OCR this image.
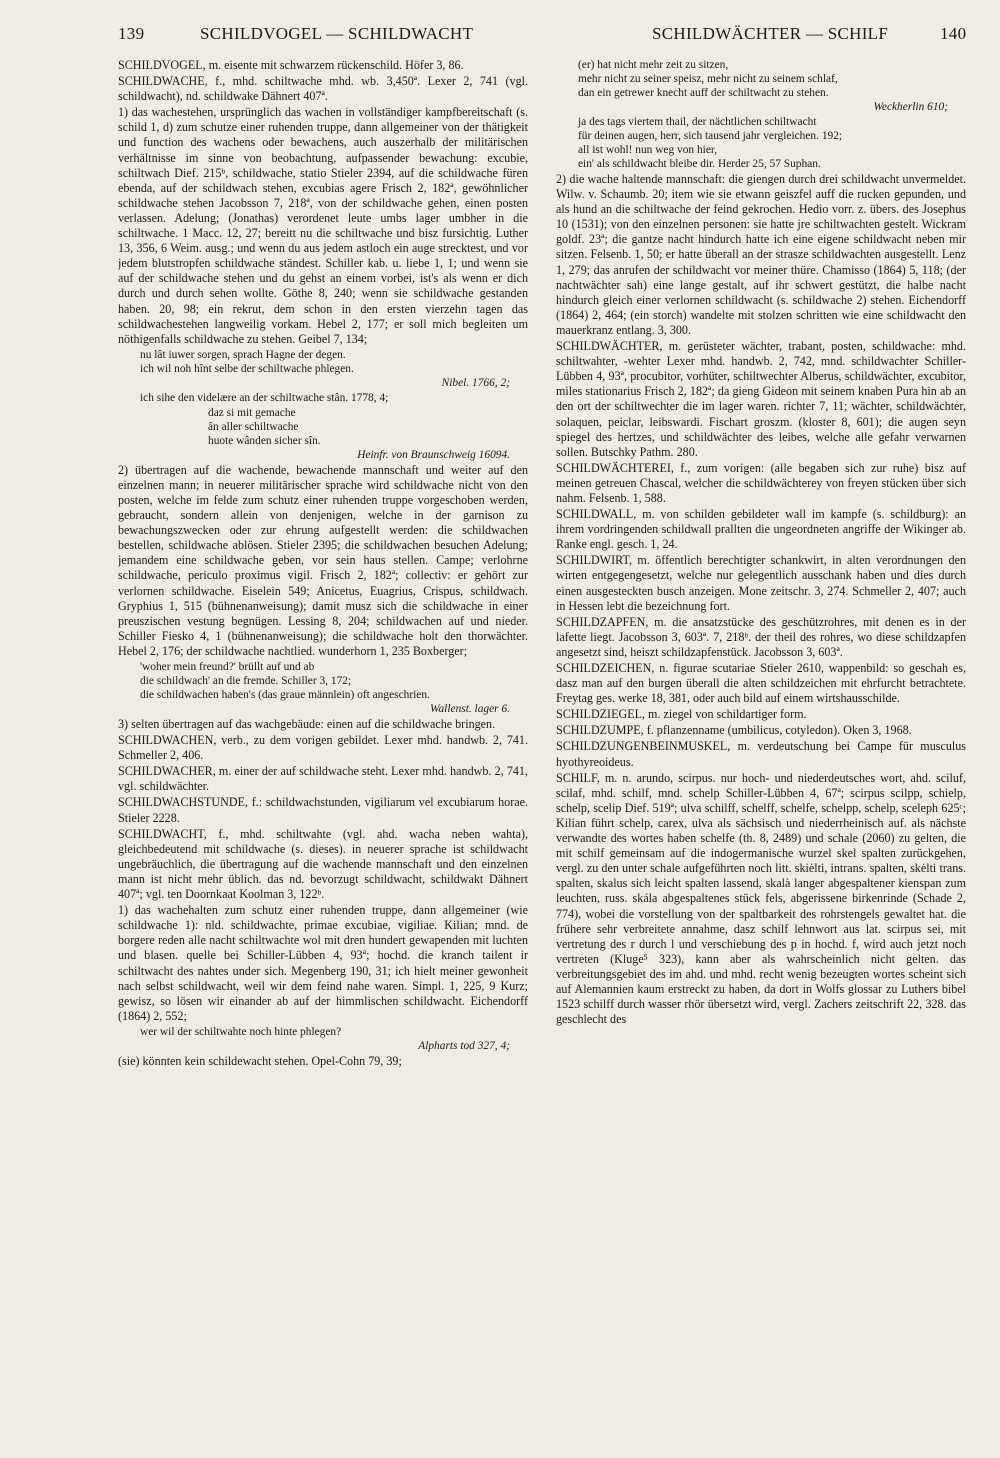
139	SCHILDVOGEL — SCHILDWACHT	SCHILDWÄCHTER — SCHILF	140

SCHILDVOGEL, m. eisente mit schwarzem rückenschild. Höfer 3, 86.

SCHILDWACHE, f., mhd. schiltwache mhd. wb. 3,450ª. Lexer 2, 741 (vgl. schildwacht), nd. schildwake Dähnert 407ª.

1) das wachestehen, ursprünglich das wachen in vollständiger kampfbereitschaft (s. schild 1, d) zum schutze einer ruhenden truppe, dann allgemeiner von der thätigkeit und function des wachens oder bewachens, auch auszerhalb der militärischen verhältnisse im sinne von beobachtung, aufpassender bewachung: excubie, schiltwach Dief. 215ᵇ, schildwache, statio Stieler 2394, auf die schildwache füren ebenda, auf der schildwach stehen, excubias agere Frisch 2, 182ª, gewöhnlicher schildwache stehen Jacobsson 7, 218ª, von der schildwache gehen, einen posten verlassen. Adelung; (Jonathas) verordenet leute umbs lager umbher in die schiltwache. 1 Macc. 12, 27; bereitt nu die schiltwache und bisz fursichtig. Luther 13, 356, 6 Weim. ausg.; und wenn du aus jedem astloch ein auge strecktest, und vor jedem blutstropfen schildwache ständest. Schiller kab. u. liebe 1, 1; und wenn sie auf der schildwache stehen und du gehst an einem vorbei, ist's als wenn er dich durch und durch sehen wollte. Göthe 8, 240; wenn sie schildwache gestanden haben. 20, 98; ein rekrut, dem schon in den ersten vierzehn tagen das schildwachestehen langweilig vorkam. Hebel 2, 177; er soll mich begleiten um nöthigenfalls schildwache zu stehen. Geibel 7, 134;

nu lât iuwer sorgen, sprach Hagne der degen.
ich wil noh hînt selbe der schiltwache phlegen.
Nibel. 1766, 2;
ich sihe den videlære an der schiltwache stân. 1778, 4;
daz si mit gemache
ân aller schiltwache
huote wânden sicher sîn.
Heinfr. von Braunschweig 16094.

2) übertragen auf die wachende, bewachende mannschaft und weiter auf den einzelnen mann; in neuerer militärischer sprache wird schildwache nicht von den posten, welche im felde zum schutz einer ruhenden truppe vorgeschoben werden, gebraucht, sondern allein von denjenigen, welche in der garnison zu bewachungszwecken oder zur ehrung aufgestellt werden: die schildwachen bestellen, schildwache ablösen. Stieler 2395; die schildwachen besuchen Adelung; jemandem eine schildwache geben, vor sein haus stellen. Campe; verlohrne schildwache, periculo proximus vigil. Frisch 2, 182ª; collectiv: er gehört zur verlornen schildwache. Eiselein 549; Anicetus, Euagrius, Crispus, schildwach. Gryphius 1, 515 (bühnenanweisung); damit musz sich die schildwache in einer preuszischen vestung begnügen. Lessing 8, 204; schildwachen auf und nieder. Schiller Fiesko 4, 1 (bühnenanweisung); die schildwache holt den thorwächter. Hebel 2, 176; der schildwache nachtlied. wunderhorn 1, 235 Boxberger;

'woher mein freund?' brüllt auf und ab
die schildwach' an die fremde. Schiller 3, 172;
die schildwachen haben's (das graue männlein) oft angeschrien.
Wallenst. lager 6.

3) selten übertragen auf das wachgebäude: einen auf die schildwache bringen.

SCHILDWACHEN, verb., zu dem vorigen gebildet. Lexer mhd. handwb. 2, 741. Schmeller 2, 406.

SCHILDWACHER, m. einer der auf schildwache steht. Lexer mhd. handwb. 2, 741, vgl. schildwächter.

SCHILDWACHSTUNDE, f.: schildwachstunden, vigiliarum vel excubiarum horae. Stieler 2228.

SCHILDWACHT, f., mhd. schiltwahte (vgl. ahd. wacha neben wahta), gleichbedeutend mit schildwache (s. dieses). in neuerer sprache ist schildwacht ungebräuchlich, die übertragung auf die wachende mannschaft und den einzelnen mann ist nicht mehr üblich. das nd. bevorzugt schildwacht, schildwakt Dähnert 407ª; vgl. ten Doornkaat Koolman 3, 122ᵇ.

1) das wachehalten zum schutz einer ruhenden truppe, dann allgemeiner (wie schildwache 1): nld. schildwachte, primae excubiae, vigiliae. Kilian; mnd. de borgere reden alle nacht schiltwachte wol mit dren hundert gewapenden mit luchten und blasen. quelle bei Schiller-Lübben 4, 93ª; hochd. die kranch tailent ir schiltwacht des nahtes under sich. Megenberg 190, 31; ich hielt meiner gewonheit nach selbst schildwacht, weil wir dem feind nahe waren. Simpl. 1, 225, 9 Kurz; gewisz, so lösen wir einander ab auf der himmlischen schildwacht. Eichendorff (1864) 2, 552;

wer wil der schiltwahte noch hinte phlegen?
Alpharts tod 327, 4;

(sie) könnten kein schildewacht stehen. Opel-Cohn 79, 39;

(er) hat nicht mehr zeit zu sitzen,
mehr nicht zu seiner speisz, mehr nicht zu seinem schlaf,
dan ein getrewer knecht auff der schiltwacht zu stehen.
Weckherlin 610;
ja des tags viertem thail, der nächtlichen schiltwacht
für deinen augen, herr, sich tausend jahr vergleichen. 192;
all ist wohl! nun weg von hier,
ein' als schildwacht bleibe dir. Herder 25, 57 Suphan.

2) die wache haltende mannschaft: die giengen durch drei schildwacht unvermeldet. Wilw. v. Schaumb. 20; item wie sie etwann geiszfel auff die rucken gepunden, und als hund an die schiltwache der feind gekrochen. Hedio vorr. z. übers. des Josephus 10 (1531); von den einzelnen personen: sie hatte jre schiltwachten gestelt. Wickram goldf. 23ª; die gantze nacht hindurch hatte ich eine eigene schildwacht neben mir sitzen. Felsenb. 1, 50; er hatte überall an der strasze schildwachten ausgestellt. Lenz 1, 279; das anrufen der schildwacht vor meiner thüre. Chamisso (1864) 5, 118; (der nachtwächter sah) eine lange gestalt, auf ihr schwert gestützt, die halbe nacht hindurch gleich einer verlornen schildwacht (s. schildwache 2) stehen. Eichendorff (1864) 2, 464; (ein storch) wandelte mit stolzen schritten wie eine schildwacht den mauerkranz entlang. 3, 300.

SCHILDWÄCHTER, m. gerüsteter wächter, trabant, posten, schildwache: mhd. schiltwahter, -wehter Lexer mhd. handwb. 2, 742, mnd. schildwachter Schiller-Lübben 4, 93ª, procubitor, vorhüter, schiltwechter Alberus, schildwächter, excubitor, miles stationarius Frisch 2, 182ª; da gieng Gideon mit seinem knaben Pura hin ab an den ort der schiltwechter die im lager waren. richter 7, 11; wächter, schildwächter, solaquen, peiclar, leibswardi. Fischart groszm. (kloster 8, 601); die augen seyn spiegel des hertzes, und schildwächter des leibes, welche alle gefahr verwarnen sollen. Butschky Pathm. 280.

SCHILDWÄCHTEREI, f., zum vorigen: (alle begaben sich zur ruhe) bisz auf meinen getreuen Chascal, welcher die schildwächterey von freyen stücken über sich nahm. Felsenb. 1, 588.

SCHILDWALL, m. von schilden gebildeter wall im kampfe (s. schildburg): an ihrem vordringenden schildwall prallten die ungeordneten angriffe der Wikinger ab. Ranke engl. gesch. 1, 24.

SCHILDWIRT, m. öffentlich berechtigter schankwirt, in alten verordnungen den wirten entgegengesetzt, welche nur gelegentlich ausschank haben und dies durch einen ausgesteckten busch anzeigen. Mone zeitschr. 3, 274. Schmeller 2, 407; auch in Hessen lebt die bezeichnung fort.

SCHILDZAPFEN, m. die ansatzstücke des geschützrohres, mit denen es in der lafette liegt. Jacobsson 3, 603ª. 7, 218ᵇ. der theil des rohres, wo diese schildzapfen angesetzt sind, heiszt schildzapfenstück. Jacobsson 3, 603ª.

SCHILDZEICHEN, n. figurae scutariae Stieler 2610, wappenbild: so geschah es, dasz man auf den burgen überall die alten schildzeichen mit ehrfurcht betrachtete. Freytag ges. werke 18, 381, oder auch bild auf einem wirtshausschilde.

SCHILDZIEGEL, m. ziegel von schildartiger form.

SCHILDZUMPE, f. pflanzenname (umbilicus, cotyledon). Oken 3, 1968.

SCHILDZUNGENBEINMUSKEL, m. verdeutschung bei Campe für musculus hyothyreoideus.

SCHILF, m. n. arundo, scirpus. nur hoch- und niederdeutsches wort, ahd. sciluf, scilaf, mhd. schilf, mnd. schelp Schiller-Lübben 4, 67ª; scirpus scilpp, schielp, schelp, scelip Dief. 519ª; ulva schilff, schelff, schelfe, schelpp, schelp, sceleph 625ᶜ; Kilian führt schelp, carex, ulva als sächsisch und niederrheinisch auf. als nächste verwandte des wortes haben schelfe (th. 8, 2489) und schale (2060) zu gelten, die mit schilf gemeinsam auf die indogermanische wurzel skel spalten zurückgehen, vergl. zu den unter schale aufgeführten noch litt. skiėlti, intrans. spalten, skėlti trans. spalten, skalus sich leicht spalten lassend, skalà langer abgespaltener kienspan zum leuchten, russ. skála abgespaltenes stück fels, abgerissene birkenrinde (Schade 2, 774), wobei die vorstellung von der spaltbarkeit des rohrstengels gewaltet hat. die frühere sehr verbreitete annahme, dasz schilf lehnwort aus lat. scirpus sei, mit vertretung des r durch l und verschiebung des p in hochd. f, wird auch jetzt noch vertreten (Kluge⁵ 323), kann aber als wahrscheinlich nicht gelten. das verbreitungsgebiet des im ahd. und mhd. recht wenig bezeugten wortes scheint sich auf Alemannien kaum erstreckt zu haben, da dort in Wolfs glossar zu Luthers bibel 1523 schilff durch wasser rhör übersetzt wird, vergl. Zachers zeitschrift 22, 328. das geschlecht des
